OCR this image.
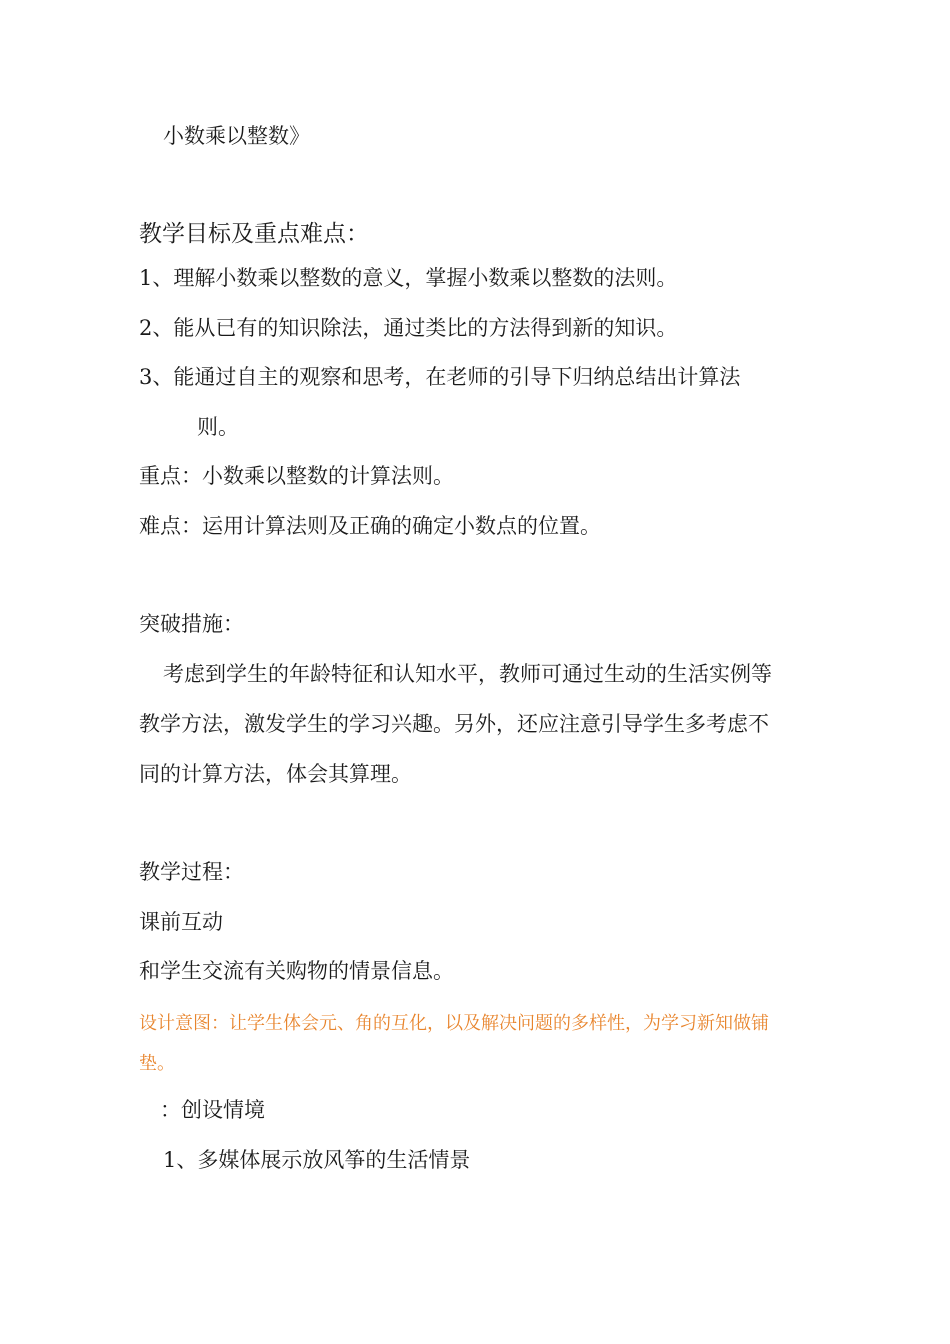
小数乘以整数》
教学目标及重点难点：
1、理解小数乘以整数的意义，掌握小数乘以整数的法则。
2、能从已有的知识除法，通过类比的方法得到新的知识。
3、能通过自主的观察和思考，在老师的引导下归纳总结出计算法
则。
重点：小数乘以整数的计算法则。
难点：运用计算法则及正确的确定小数点的位置。
突破措施：
考虑到学生的年龄特征和认知水平，教师可通过生动的生活实例等
教学方法，激发学生的学习兴趣。另外，还应注意引导学生多考虑不
同的计算方法，体会其算理。
教学过程：
课前互动
和学生交流有关购物的情景信息。
设计意图：让学生体会元、角的互化，以及解决问题的多样性，为学习新知做铺
垫。
：创设情境
1、多媒体展示放风筝的生活情景
